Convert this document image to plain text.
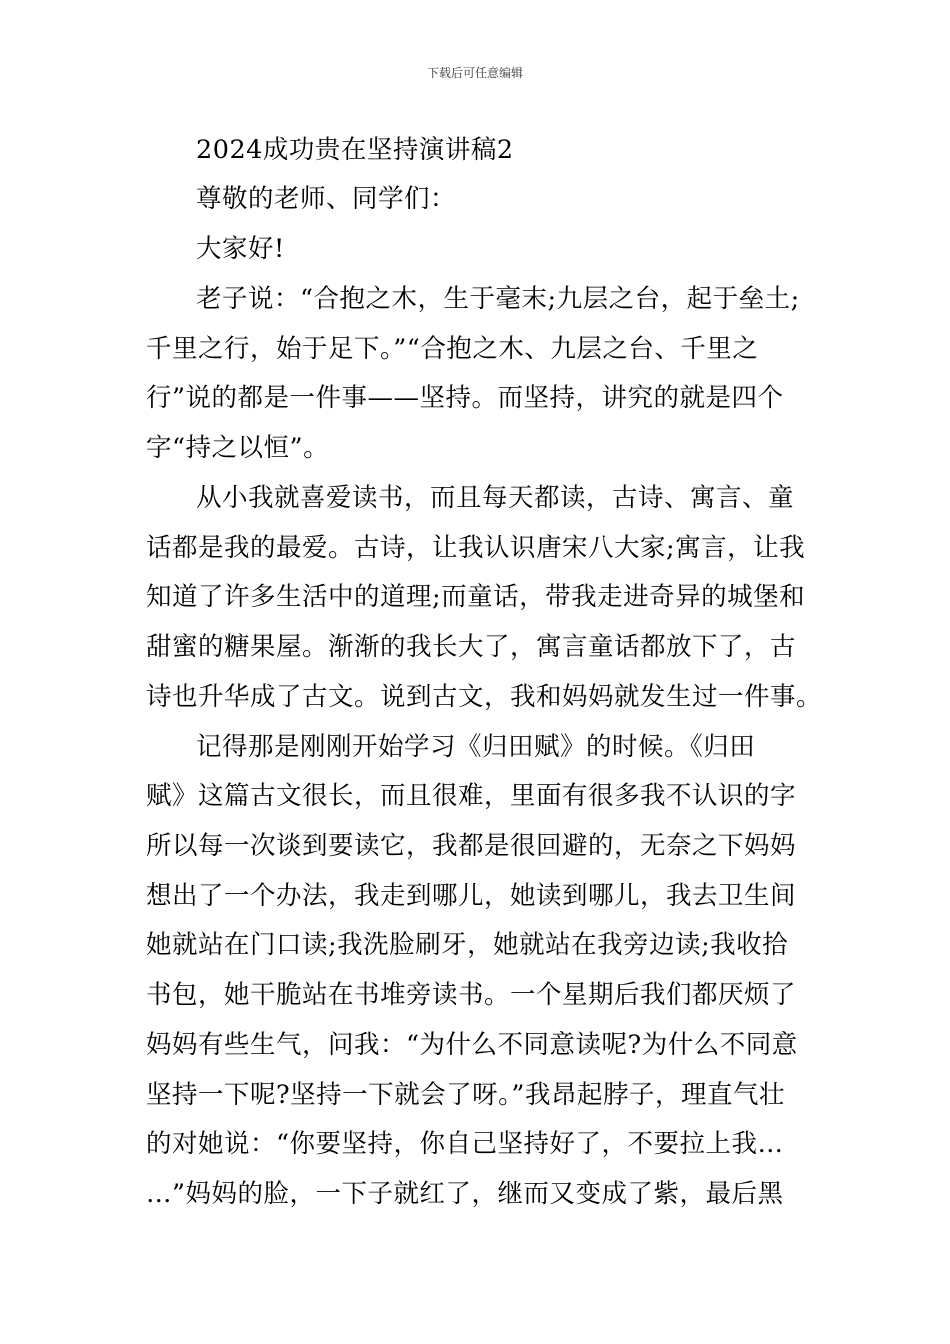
下载后可任意编辑
2024成功贵在坚持演讲稿2
尊敬的老师、同学们：
大家好!
老子说：“合抱之木，生于毫末;九层之台，起于垒土;
千里之行，始于足下。”“合抱之木、九层之台、千里之
行”说的都是一件事——坚持。而坚持，讲究的就是四个
字“持之以恒”。
从小我就喜爱读书，而且每天都读，古诗、寓言、童
话都是我的最爱。古诗，让我认识唐宋八大家;寓言，让我
知道了许多生活中的道理;而童话，带我走进奇异的城堡和
甜蜜的糖果屋。渐渐的我长大了，寓言童话都放下了，古
诗也升华成了古文。说到古文，我和妈妈就发生过一件事。
记得那是刚刚开始学习《归田赋》的时候。《归田
赋》这篇古文很长，而且很难，里面有很多我不认识的字
所以每一次谈到要读它，我都是很回避的，无奈之下妈妈
想出了一个办法，我走到哪儿，她读到哪儿，我去卫生间
她就站在门口读;我洗脸刷牙，她就站在我旁边读;我收拾
书包，她干脆站在书堆旁读书。一个星期后我们都厌烦了
妈妈有些生气，问我：“为什么不同意读呢?为什么不同意
坚持一下呢?坚持一下就会了呀。”我昂起脖子，理直气壮
的对她说：“你要坚持，你自己坚持好了，不要拉上我…
…”妈妈的脸，一下子就红了，继而又变成了紫，最后黑
